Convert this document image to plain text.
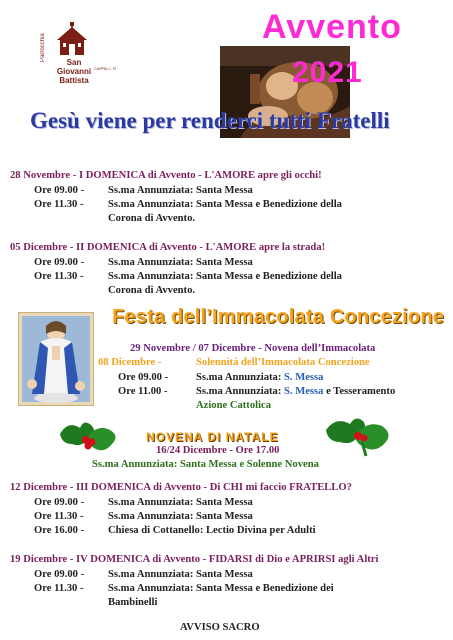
Parrocchia
San Giovanni Battista
CAPRILI - R
Avvento
2021
Gesù viene per renderci tutti Fratelli
28 Novembre - I DOMENICA di Avvento - L'AMORE apre gli occhi!
Ore 09.00 - Ss.ma Annunziata: Santa Messa
Ore 11.30 - Ss.ma Annunziata: Santa Messa e Benedizione della
Corona di Avvento.
05 Dicembre - II DOMENICA di Avvento - L'AMORE apre la strada!
Ore 09.00 - Ss.ma Annunziata: Santa Messa
Ore 11.30 - Ss.ma Annunziata: Santa Messa e Benedizione della
Corona di Avvento.
Festa dell’Immacolata Concezione
29 Novembre / 07 Dicembre - Novena dell’Immacolata
08 Dicembre -	Solennità dell’Immacolata Concezione
Ore 09.00 -	Ss.ma Annunziata: S. Messa
Ore 11.00 -	Ss.ma Annunziata: S. Messa e Tesseramento
Azione Cattolica
NOVENA DI NATALE
16/24 Dicembre - Ore 17.00
Ss.ma Annunziata: Santa Messa e Solenne Novena
12 Dicembre - III DOMENICA di Avvento - Di CHI mi faccio FRATELLO?
Ore 09.00 - Ss.ma Annunziata: Santa Messa
Ore 11.30 - Ss.ma Annunziata: Santa Messa
Ore 16.00 - Chiesa di Cottanello: Lectio Divina per Adulti
19 Dicembre - IV DOMENICA di Avvento - FIDARSI di Dio e APRIRSI agli Altri
Ore 09.00 - Ss.ma Annunziata: Santa Messa
Ore 11.30 - Ss.ma Annunziata: Santa Messa e Benedizione dei
Bambinelli
AVVISO SACRO
